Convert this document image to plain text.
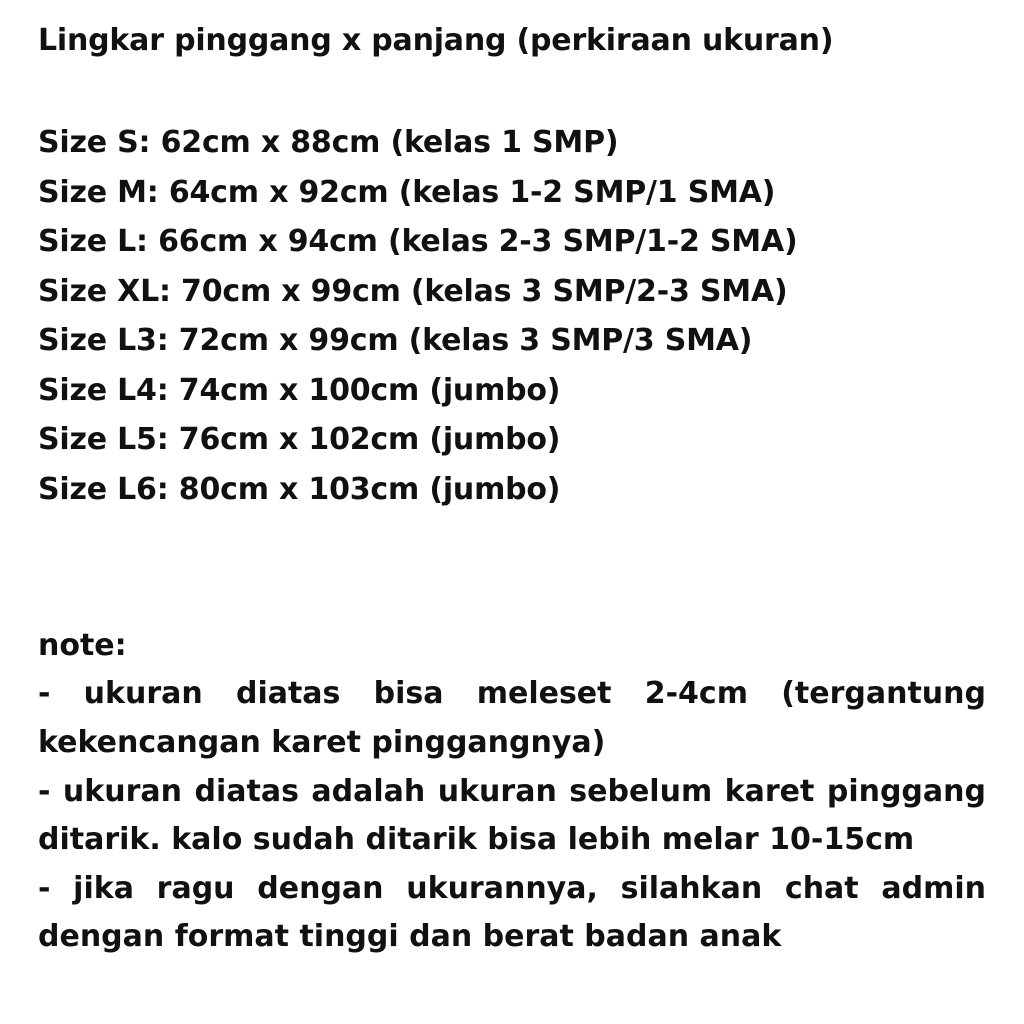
Lingkar pinggang x panjang (perkiraan ukuran)
Size S: 62cm x 88cm (kelas 1 SMP)
Size M: 64cm x 92cm (kelas 1-2 SMP/1 SMA)
Size L: 66cm x 94cm (kelas 2-3 SMP/1-2 SMA)
Size XL: 70cm x 99cm (kelas 3 SMP/2-3 SMA)
Size L3: 72cm x 99cm (kelas 3 SMP/3 SMA)
Size L4: 74cm x 100cm (jumbo)
Size L5: 76cm x 102cm (jumbo)
Size L6: 80cm x 103cm (jumbo)

note:

- ukuran diatas bisa meleset 2-4cm (tergantung kekencangan karet pinggangnya)

- ukuran diatas adalah ukuran sebelum karet pinggang ditarik. kalo sudah ditarik bisa lebih melar 10-15cm

- jika ragu dengan ukurannya, silahkan chat admin dengan format tinggi dan berat badan anak
